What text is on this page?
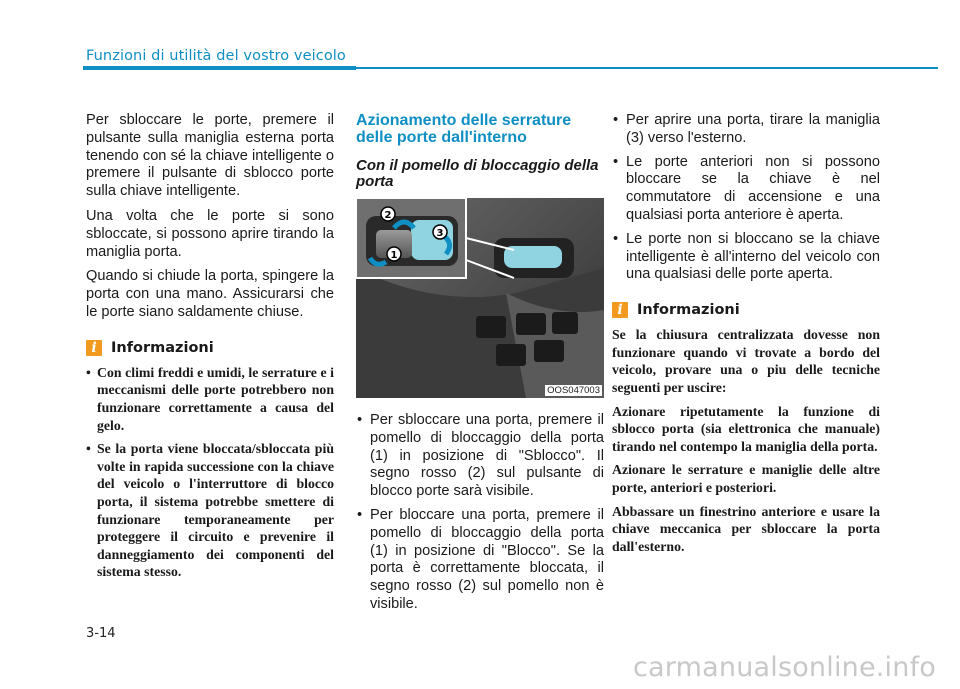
Funzioni di utilità del vostro veicolo

Per sbloccare le porte, premere il pulsante sulla maniglia esterna porta tenendo con sé la chiave intelligente o premere il pulsante di sblocco porte sulla chiave intelligente.

Una volta che le porte si sono sbloccate, si possono aprire tirando la maniglia porta.

Quando si chiude la porta, spingere la porta con una mano. Assicurarsi che le porte siano saldamente chiuse.

i Informazioni
• Con climi freddi e umidi, le serrature e i meccanismi delle porte potrebbero non funzionare correttamente a causa del gelo.
• Se la porta viene bloccata/sbloccata più volte in rapida successione con la chiave del veicolo o l'interruttore di blocco porta, il sistema potrebbe smettere di funzionare temporaneamente per proteggere il circuito e prevenire il danneggiamento dei componenti del sistema stesso.
Azionamento delle serrature delle porte dall'interno
Con il pomello di bloccaggio della porta
1
2
3
OOS047003
• Per sbloccare una porta, premere il pomello di bloccaggio della porta (1) in posizione di "Sblocco". Il segno rosso (2) sul pulsante di blocco porte sarà visibile.
• Per bloccare una porta, premere il pomello di bloccaggio della porta (1) in posizione di "Blocco". Se la porta è correttamente bloccata, il segno rosso (2) sul pomello non è visibile.
• Per aprire una porta, tirare la maniglia (3) verso l'esterno.
• Le porte anteriori non si possono bloccare se la chiave è nel commutatore di accensione e una qualsiasi porta anteriore è aperta.
• Le porte non si bloccano se la chiave intelligente è all'interno del veicolo con una qualsiasi delle porte aperta.
i Informazioni

Se la chiusura centralizzata dovesse non funzionare quando vi trovate a bordo del veicolo, provare una o piu delle tecniche seguenti per uscire:

Azionare ripetutamente la funzione di sblocco porta (sia elettronica che manuale) tirando nel contempo la maniglia della porta.

Azionare le serrature e maniglie delle altre porte, anteriori e posteriori.

Abbassare un finestrino anteriore e usare la chiave meccanica per sbloccare la porta dall'esterno.

3-14
carmanualsonline.info
